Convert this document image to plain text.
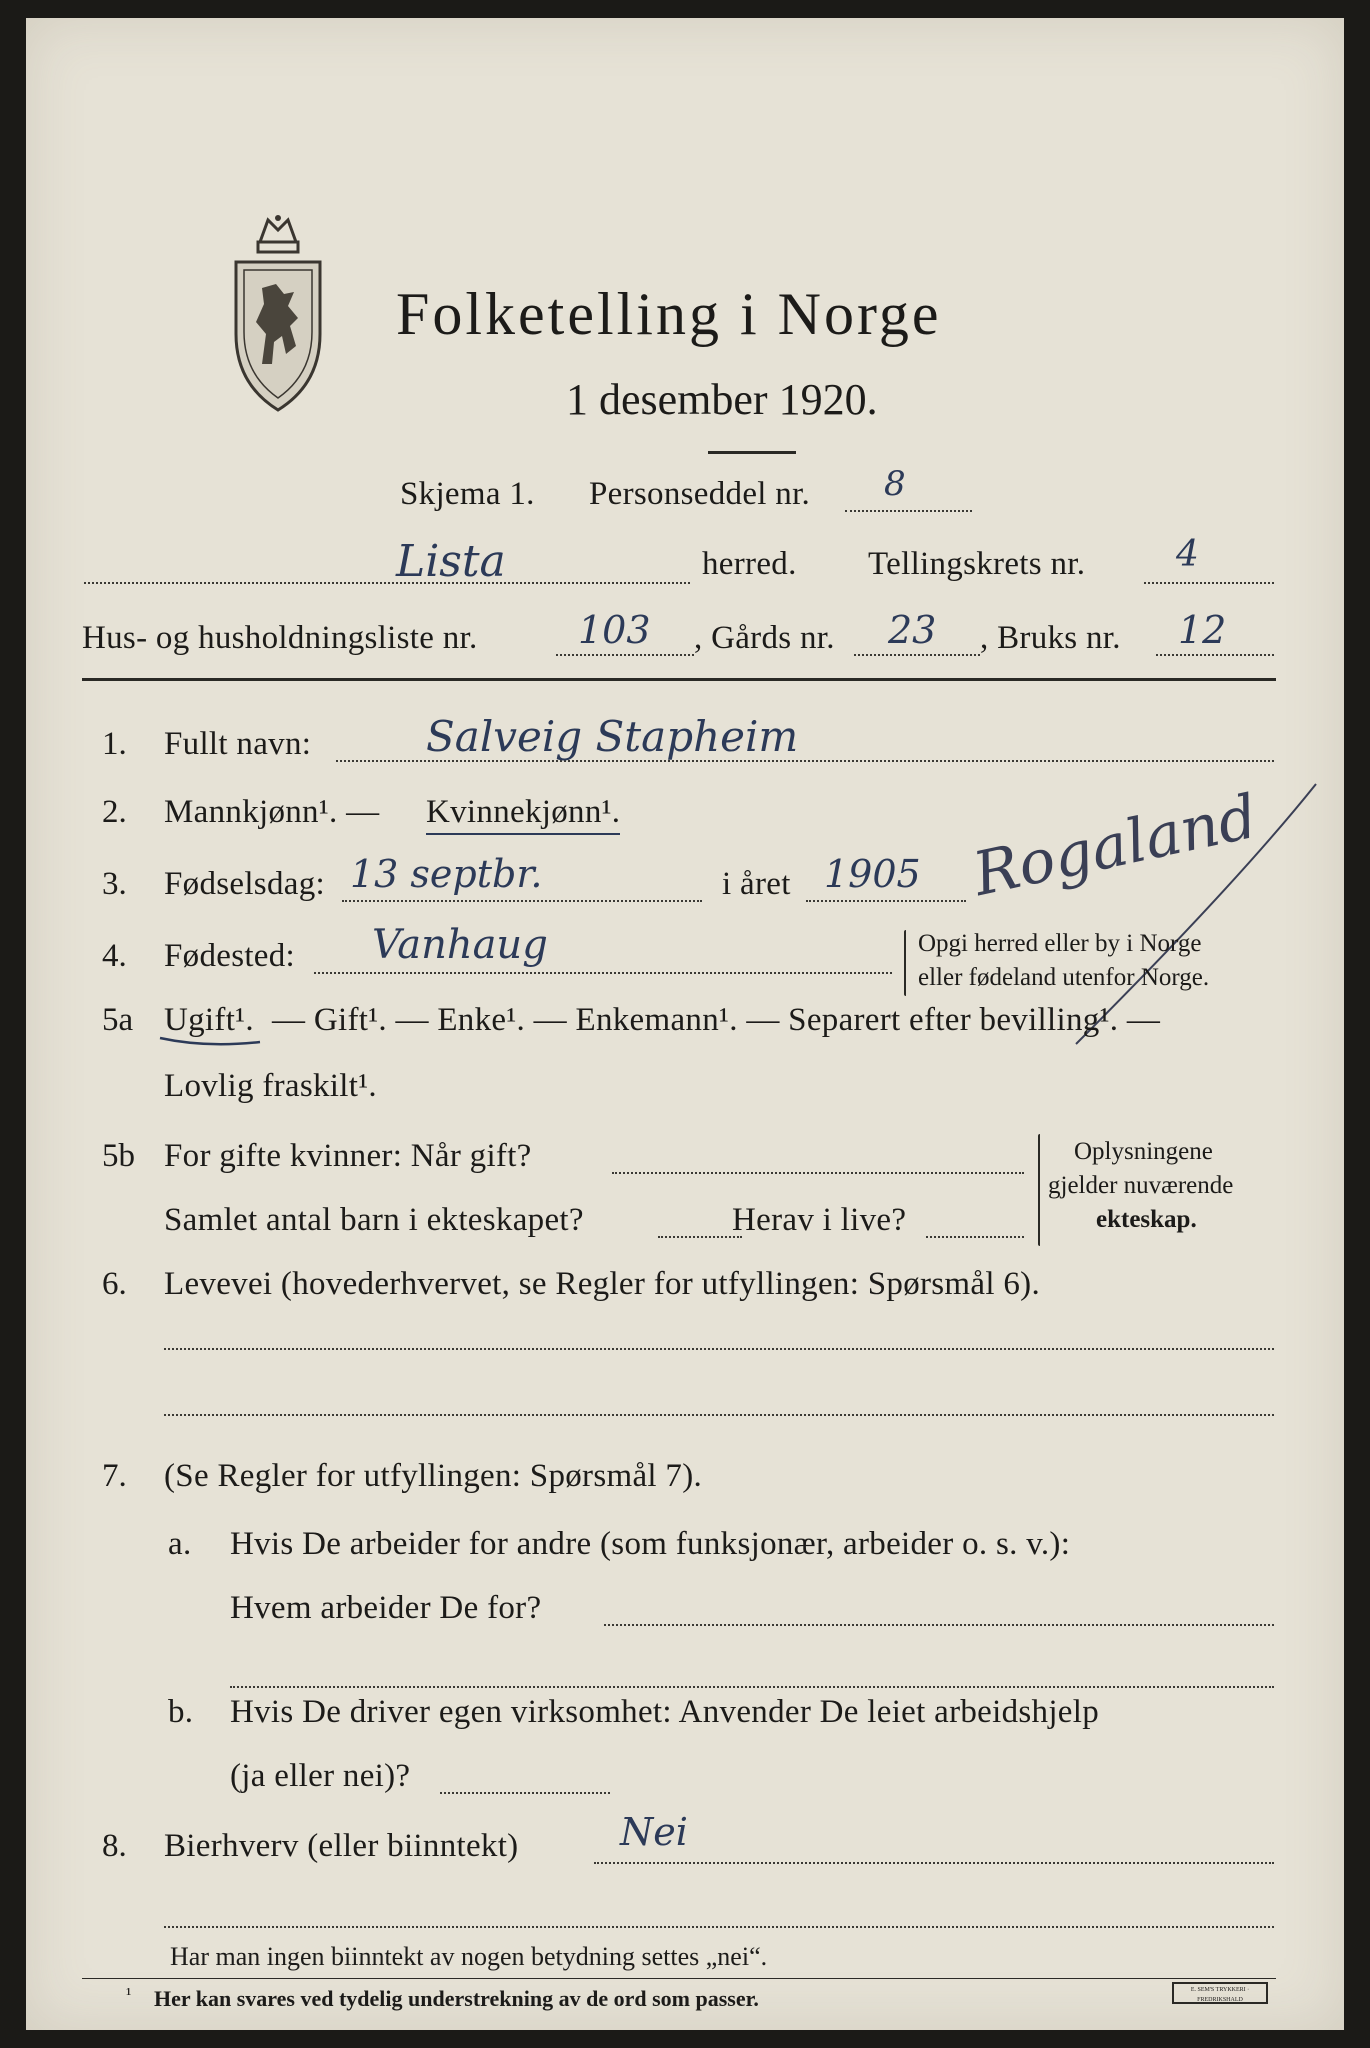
Folketelling i Norge
1 desember 1920.
Skjema 1. Personseddel nr. 8
Lista	herred. Tellingskrets nr.	4
Hus- og husholdningsliste nr.	103 , Gårds nr. 23 , Bruks nr. 12
1. Fullt navn:	Salveig Stapheim
2. Mannkjønn¹. — Kvinnekjønn¹.
3. Fødselsdag: 13 septbr.	i året 1905 Rogaland
4. Fødested: Vanhaug	Opgi herred eller by i Norge
eller fødeland utenfor Norge.
5a Ugift¹. — Gift¹. — Enke¹. — Enkemann¹. — Separert efter bevilling¹. —
Lovlig fraskilt¹.
5b For gifte kvinner: Når gift?
Samlet antal barn i ekteskapet?	Herav i live?
Oplysningene
gjelder nuværende
ekteskap.
6. Levevei (hovederhvervet, se Regler for utfyllingen: Spørsmål 6).
7. (Se Regler for utfyllingen: Spørsmål 7).
a. Hvis De arbeider for andre (som funksjonær, arbeider o. s. v.):
Hvem arbeider De for?
b. Hvis De driver egen virksomhet: Anvender De leiet arbeidshjelp
(ja eller nei)?
8. Bierhverv (eller biinntekt)	Nei
Har man ingen biinntekt av nogen betydning settes „nei“.
¹ Her kan svares ved tydelig understrekning av de ord som passer.	E. SEM'S TRYKKERI · FREDRIKSHALD
